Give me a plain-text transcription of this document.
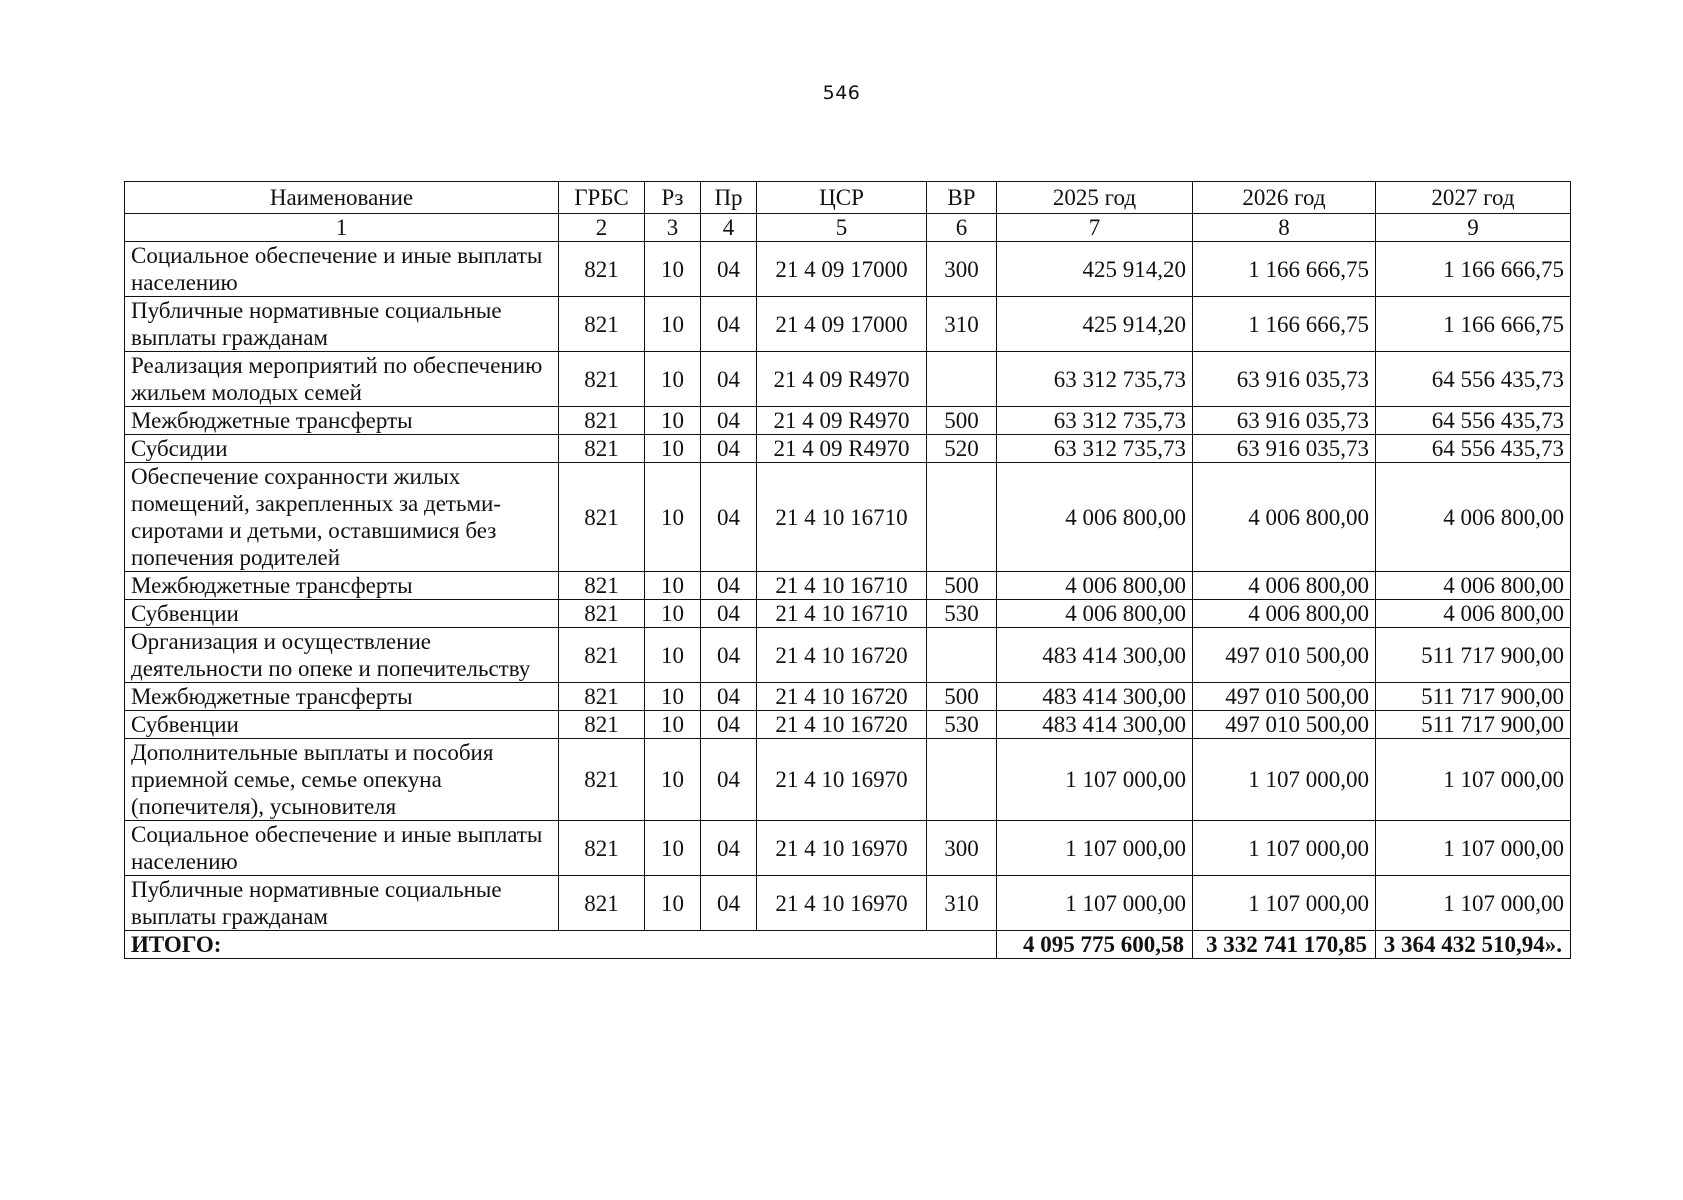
546
Наименование	ГРБС	Рз	Пр	ЦСР	ВР	2025 год	2026 год	2027 год
1	2	3	4	5	6	7	8	9
Социальное обеспечение и иные выплаты населению	821	10	04	21 4 09 17000	300	425 914,20	1 166 666,75	1 166 666,75
Публичные нормативные социальные выплаты гражданам	821	10	04	21 4 09 17000	310	425 914,20	1 166 666,75	1 166 666,75
Реализация мероприятий по обеспечению жильем молодых семей	821	10	04	21 4 09 R4970		63 312 735,73	63 916 035,73	64 556 435,73
Межбюджетные трансферты	821	10	04	21 4 09 R4970	500	63 312 735,73	63 916 035,73	64 556 435,73
Субсидии	821	10	04	21 4 09 R4970	520	63 312 735,73	63 916 035,73	64 556 435,73
Обеспечение сохранности жилых помещений, закрепленных за детьми-сиротами и детьми, оставшимися без попечения родителей	821	10	04	21 4 10 16710		4 006 800,00	4 006 800,00	4 006 800,00
Межбюджетные трансферты	821	10	04	21 4 10 16710	500	4 006 800,00	4 006 800,00	4 006 800,00
Субвенции	821	10	04	21 4 10 16710	530	4 006 800,00	4 006 800,00	4 006 800,00
Организация и осуществление деятельности по опеке и попечительству	821	10	04	21 4 10 16720		483 414 300,00	497 010 500,00	511 717 900,00
Межбюджетные трансферты	821	10	04	21 4 10 16720	500	483 414 300,00	497 010 500,00	511 717 900,00
Субвенции	821	10	04	21 4 10 16720	530	483 414 300,00	497 010 500,00	511 717 900,00
Дополнительные выплаты и пособия приемной семье, семье опекуна (попечителя), усыновителя	821	10	04	21 4 10 16970		1 107 000,00	1 107 000,00	1 107 000,00
Социальное обеспечение и иные выплаты населению	821	10	04	21 4 10 16970	300	1 107 000,00	1 107 000,00	1 107 000,00
Публичные нормативные социальные выплаты гражданам	821	10	04	21 4 10 16970	310	1 107 000,00	1 107 000,00	1 107 000,00
ИТОГО:						4 095 775 600,58	3 332 741 170,85	3 364 432 510,94».
